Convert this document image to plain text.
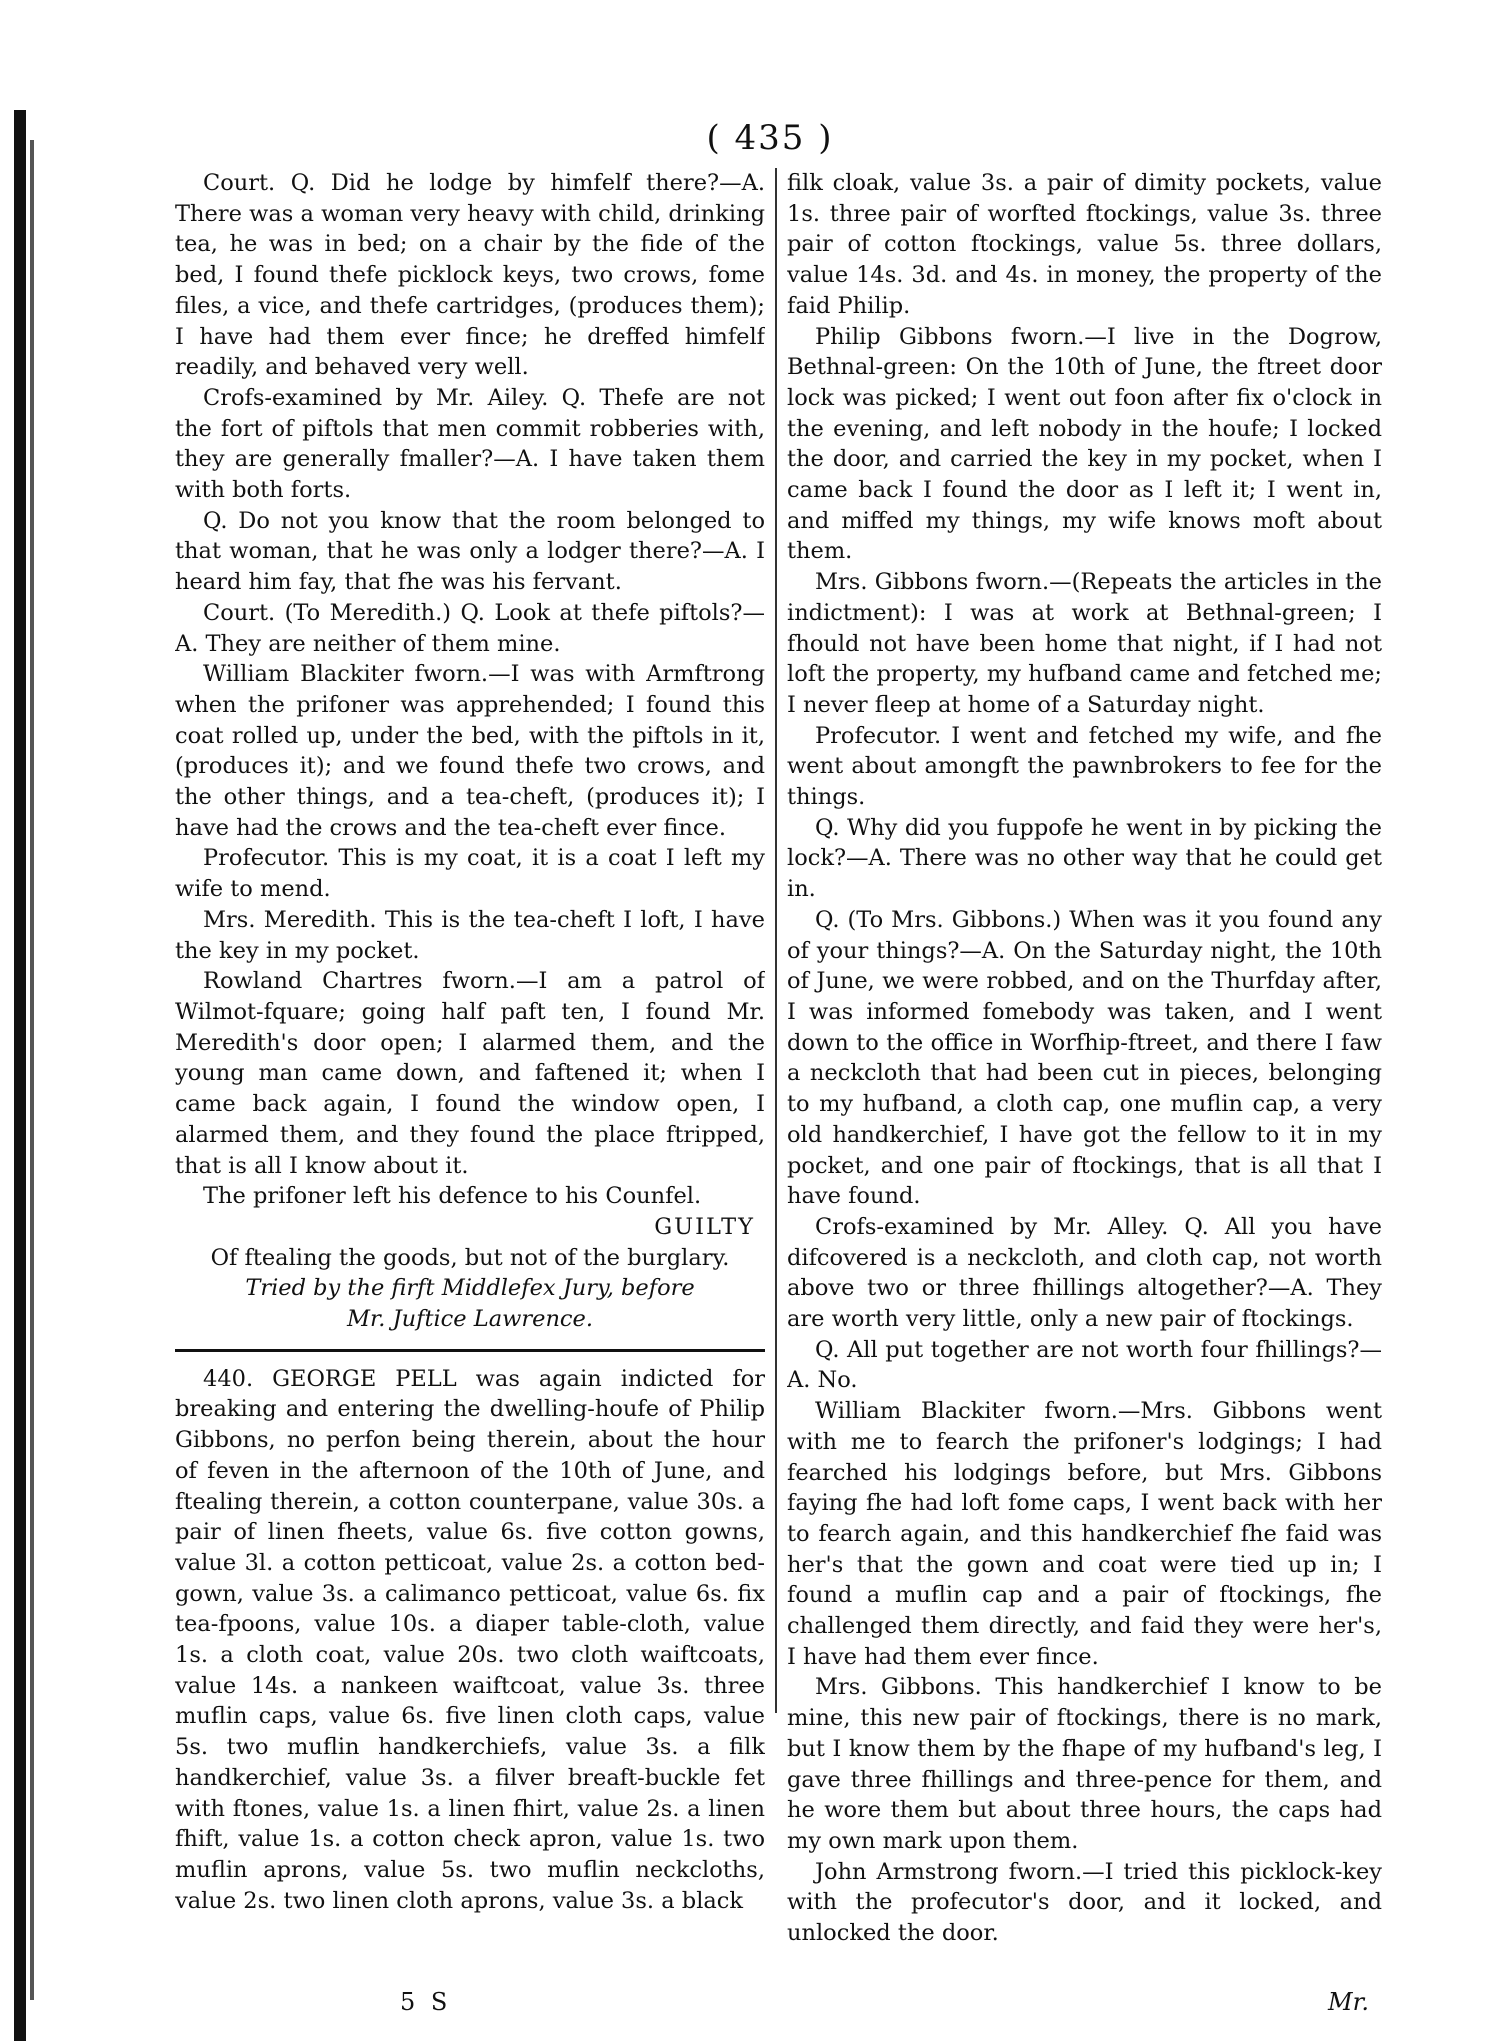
( 435 )

Court. Q. Did he lodge by himfelf there?—A. There was a woman very heavy with child, drinking tea, he was in bed; on a chair by the fide of the bed, I found thefe picklock keys, two crows, fome files, a vice, and thefe cartridges, (produces them); I have had them ever fince; he dreffed himfelf readily, and behaved very well.

Crofs-examined by Mr. Ailey. Q. Thefe are not the fort of piftols that men commit robberies with, they are generally fmaller?—A. I have taken them with both forts.

Q. Do not you know that the room belonged to that woman, that he was only a lodger there?—A. I heard him fay, that fhe was his fervant.

Court. (To Meredith.) Q. Look at thefe piftols?—A. They are neither of them mine.

William Blackiter fworn.—I was with Armftrong when the prifoner was apprehended; I found this coat rolled up, under the bed, with the piftols in it, (produces it); and we found thefe two crows, and the other things, and a tea-cheft, (produces it); I have had the crows and the tea-cheft ever fince.

Profecutor. This is my coat, it is a coat I left my wife to mend.

Mrs. Meredith. This is the tea-cheft I loft, I have the key in my pocket.

Rowland Chartres fworn.—I am a patrol of Wilmot-fquare; going half paft ten, I found Mr. Meredith's door open; I alarmed them, and the young man came down, and faftened it; when I came back again, I found the window open, I alarmed them, and they found the place ftripped, that is all I know about it.

The prifoner left his defence to his Counfel.

GUILTY

Of ftealing the goods, but not of the burglary.

Tried by the firft Middlefex Jury, before

Mr. Juftice Lawrence.

440. GEORGE PELL was again indicted for breaking and entering the dwelling-houfe of Philip Gibbons, no perfon being therein, about the hour of feven in the afternoon of the 10th of June, and ftealing therein, a cotton counterpane, value 30s. a pair of linen fheets, value 6s. five cotton gowns, value 3l. a cotton petticoat, value 2s. a cotton bed-gown, value 3s. a calimanco petticoat, value 6s. fix tea-fpoons, value 10s. a diaper table-cloth, value 1s. a cloth coat, value 20s. two cloth waiftcoats, value 14s. a nankeen waiftcoat, value 3s. three muflin caps, value 6s. five linen cloth caps, value 5s. two muflin handkerchiefs, value 3s. a filk handkerchief, value 3s. a filver breaft-buckle fet with ftones, value 1s. a linen fhirt, value 2s. a linen fhift, value 1s. a cotton check apron, value 1s. two muflin aprons, value 5s. two muflin neckcloths, value 2s. two linen cloth aprons, value 3s. a black

filk cloak, value 3s. a pair of dimity pockets, value 1s. three pair of worfted ftockings, value 3s. three pair of cotton ftockings, value 5s. three dollars, value 14s. 3d. and 4s. in money, the property of the faid Philip.

Philip Gibbons fworn.—I live in the Dogrow, Bethnal-green: On the 10th of June, the ftreet door lock was picked; I went out foon after fix o'clock in the evening, and left nobody in the houfe; I locked the door, and carried the key in my pocket, when I came back I found the door as I left it; I went in, and miffed my things, my wife knows moft about them.

Mrs. Gibbons fworn.—(Repeats the articles in the indictment): I was at work at Bethnal-green; I fhould not have been home that night, if I had not loft the property, my hufband came and fetched me; I never fleep at home of a Saturday night.

Profecutor. I went and fetched my wife, and fhe went about amongft the pawnbrokers to fee for the things.

Q. Why did you fuppofe he went in by picking the lock?—A. There was no other way that he could get in.

Q. (To Mrs. Gibbons.) When was it you found any of your things?—A. On the Saturday night, the 10th of June, we were robbed, and on the Thurfday after, I was informed fomebody was taken, and I went down to the office in Worfhip-ftreet, and there I faw a neckcloth that had been cut in pieces, belonging to my hufband, a cloth cap, one muflin cap, a very old handkerchief, I have got the fellow to it in my pocket, and one pair of ftockings, that is all that I have found.

Crofs-examined by Mr. Alley. Q. All you have difcovered is a neckcloth, and cloth cap, not worth above two or three fhillings altogether?—A. They are worth very little, only a new pair of ftockings.

Q. All put together are not worth four fhillings?—A. No.

William Blackiter fworn.—Mrs. Gibbons went with me to fearch the prifoner's lodgings; I had fearched his lodgings before, but Mrs. Gibbons faying fhe had loft fome caps, I went back with her to fearch again, and this handkerchief fhe faid was her's that the gown and coat were tied up in; I found a muflin cap and a pair of ftockings, fhe challenged them directly, and faid they were her's, I have had them ever fince.

Mrs. Gibbons. This handkerchief I know to be mine, this new pair of ftockings, there is no mark, but I know them by the fhape of my hufband's leg, I gave three fhillings and three-pence for them, and he wore them but about three hours, the caps had my own mark upon them.

John Armstrong fworn.—I tried this picklock-key with the profecutor's door, and it locked, and unlocked the door.

5 S	Mr.
